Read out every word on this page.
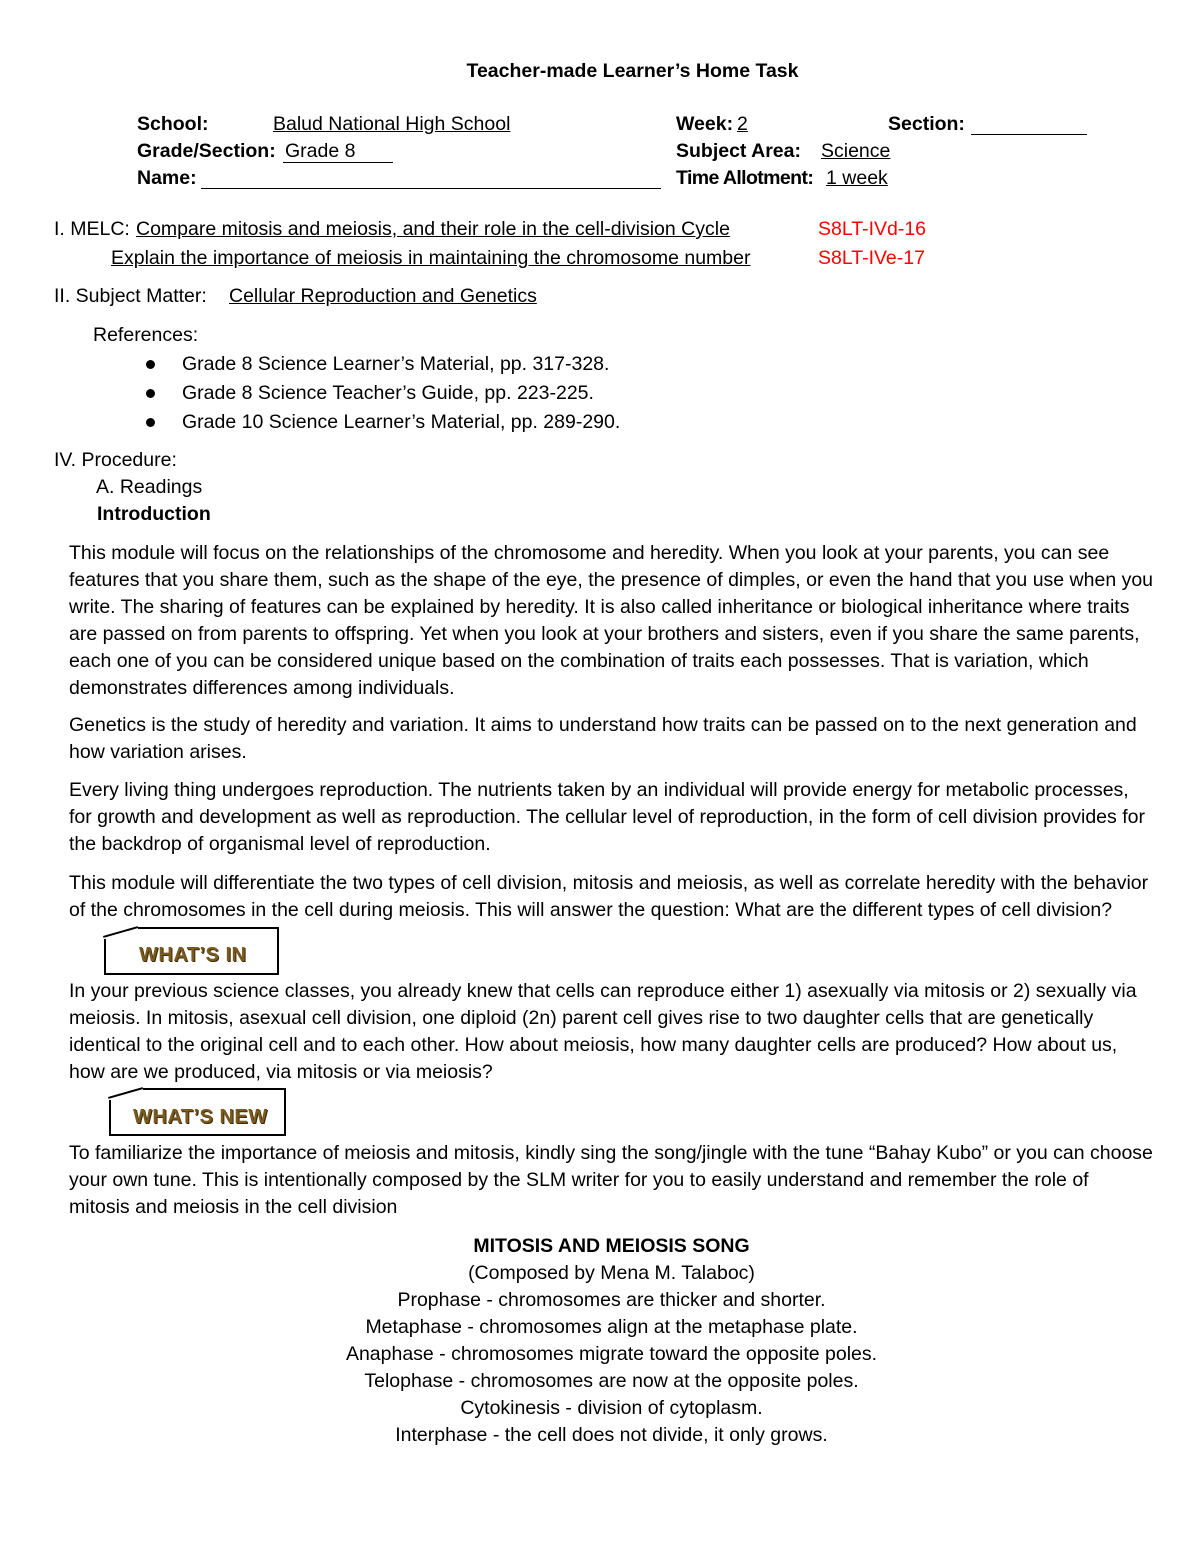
Teacher-made Learner’s Home Task
School:	Balud National High School	Week: 2	Section:
Grade/Section: Grade 8	Subject Area: Science
Name:	Time Allotment: 1 week
I. MELC: Compare mitosis and meiosis, and their role in the cell-division Cycle	S8LT-IVd-16
Explain the importance of meiosis in maintaining the chromosome number	S8LT-IVe-17
II. Subject Matter: Cellular Reproduction and Genetics
References:
Grade 8 Science Learner’s Material, pp. 317-328.
Grade 8 Science Teacher’s Guide, pp. 223-225.
Grade 10 Science Learner’s Material, pp. 289-290.
IV. Procedure:
A. Readings
Introduction
This module will focus on the relationships of the chromosome and heredity. When you look at your parents, you can see features that you share them, such as the shape of the eye, the presence of dimples, or even the hand that you use when you write. The sharing of features can be explained by heredity. It is also called inheritance or biological inheritance where traits are passed on from parents to offspring. Yet when you look at your brothers and sisters, even if you share the same parents, each one of you can be considered unique based on the combination of traits each possesses. That is variation, which demonstrates differences among individuals.
Genetics is the study of heredity and variation. It aims to understand how traits can be passed on to the next generation and how variation arises.
Every living thing undergoes reproduction. The nutrients taken by an individual will provide energy for metabolic processes, for growth and development as well as reproduction. The cellular level of reproduction, in the form of cell division provides for the backdrop of organismal level of reproduction.
This module will differentiate the two types of cell division, mitosis and meiosis, as well as correlate heredity with the behavior of the chromosomes in the cell during meiosis. This will answer the question: What are the different types of cell division?
WHAT’S IN
In your previous science classes, you already knew that cells can reproduce either 1) asexually via mitosis or 2) sexually via meiosis. In mitosis, asexual cell division, one diploid (2n) parent cell gives rise to two daughter cells that are genetically identical to the original cell and to each other. How about meiosis, how many daughter cells are produced? How about us, how are we produced, via mitosis or via meiosis?
WHAT’S NEW
To familiarize the importance of meiosis and mitosis, kindly sing the song/jingle with the tune “Bahay Kubo” or you can choose your own tune. This is intentionally composed by the SLM writer for you to easily understand and remember the role of mitosis and meiosis in the cell division
MITOSIS AND MEIOSIS SONG
(Composed by Mena M. Talaboc)
Prophase - chromosomes are thicker and shorter.
Metaphase - chromosomes align at the metaphase plate.
Anaphase - chromosomes migrate toward the opposite poles.
Telophase - chromosomes are now at the opposite poles.
Cytokinesis - division of cytoplasm.
Interphase - the cell does not divide, it only grows.
